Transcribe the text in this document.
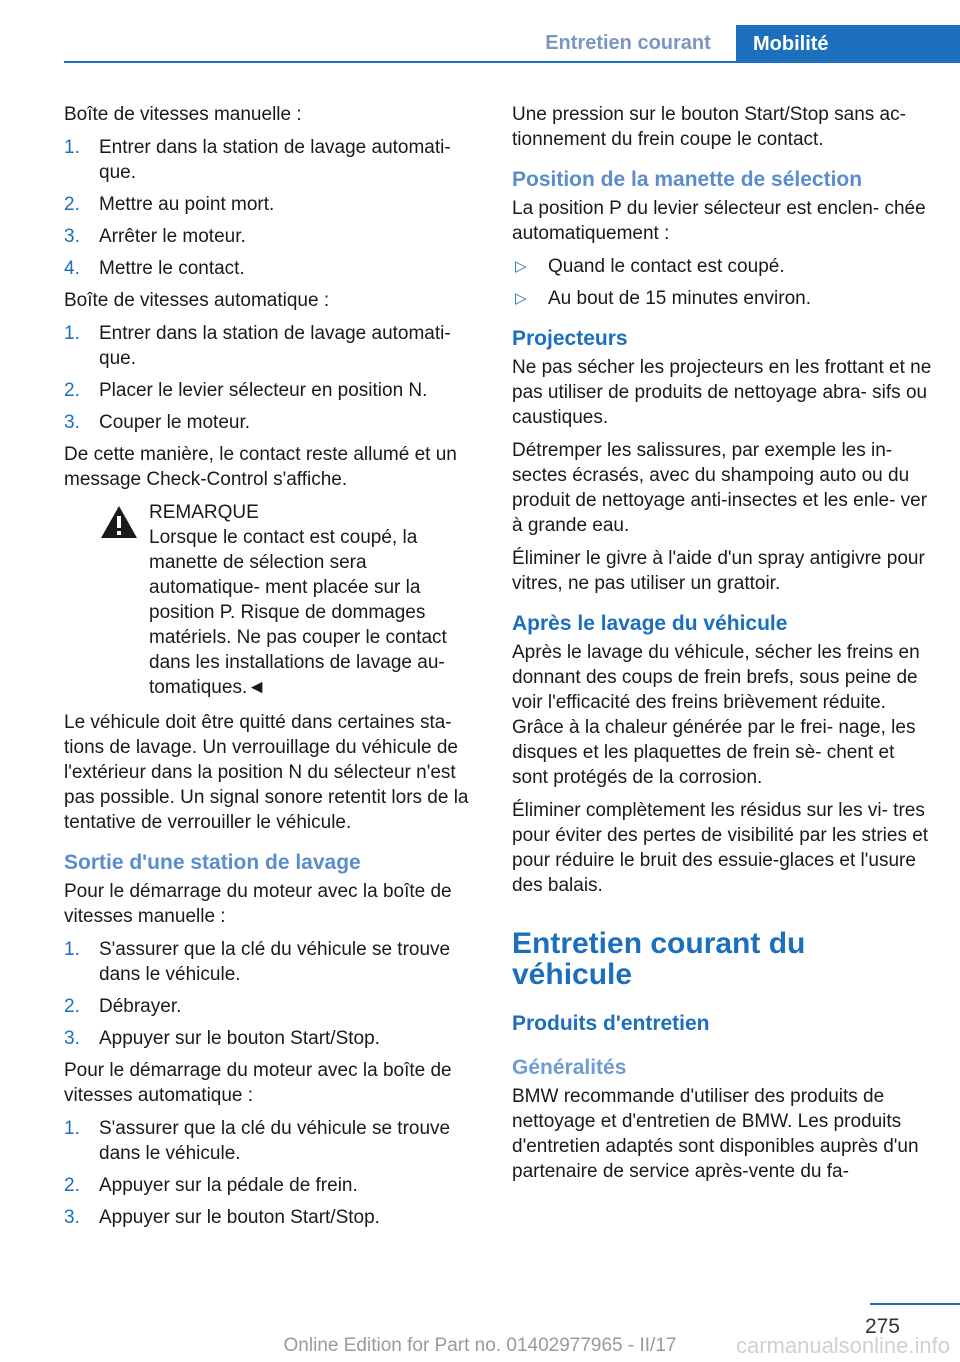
Entretien courant	Mobilité

Boîte de vitesses manuelle :

1.	Entrer dans la station de lavage automati‐ que.
2.	Mettre au point mort.
3.	Arrêter le moteur.
4.	Mettre le contact.

Boîte de vitesses automatique :

1.	Entrer dans la station de lavage automati‐ que.
2.	Placer le levier sélecteur en position N.
3.	Couper le moteur.

De cette manière, le contact reste allumé et un message Check-Control s'affiche.

REMARQUE
Lorsque le contact est coupé, la manette de sélection sera automatique‐ ment placée sur la position P. Risque de dommages matériels. Ne pas couper le contact dans les installations de lavage au‐ tomatiques.◄

Le véhicule doit être quitté dans certaines sta‐ tions de lavage. Un verrouillage du véhicule de l'extérieur dans la position N du sélecteur n'est pas possible. Un signal sonore retentit lors de la tentative de verrouiller le véhicule.

Sortie d'une station de lavage

Pour le démarrage du moteur avec la boîte de vitesses manuelle :

1.	S'assurer que la clé du véhicule se trouve dans le véhicule.
2.	Débrayer.
3.	Appuyer sur le bouton Start/Stop.

Pour le démarrage du moteur avec la boîte de vitesses automatique :

1.	S'assurer que la clé du véhicule se trouve dans le véhicule.
2.	Appuyer sur la pédale de frein.
3.	Appuyer sur le bouton Start/Stop.

Une pression sur le bouton Start/Stop sans ac‐ tionnement du frein coupe le contact.

Position de la manette de sélection

La position P du levier sélecteur est enclen‐ chée automatiquement :

▷	Quand le contact est coupé.
▷	Au bout de 15 minutes environ.
Projecteurs

Ne pas sécher les projecteurs en les frottant et ne pas utiliser de produits de nettoyage abra‐ sifs ou caustiques.

Détremper les salissures, par exemple les in‐ sectes écrasés, avec du shampoing auto ou du produit de nettoyage anti-insectes et les enle‐ ver à grande eau.

Éliminer le givre à l'aide d'un spray antigivre pour vitres, ne pas utiliser un grattoir.

Après le lavage du véhicule

Après le lavage du véhicule, sécher les freins en donnant des coups de frein brefs, sous peine de voir l'efficacité des freins brièvement réduite. Grâce à la chaleur générée par le frei‐ nage, les disques et les plaquettes de frein sè‐ chent et sont protégés de la corrosion.

Éliminer complètement les résidus sur les vi‐ tres pour éviter des pertes de visibilité par les stries et pour réduire le bruit des essuie-glaces et l'usure des balais.

Entretien courant du véhicule
Produits d'entretien
Généralités

BMW recommande d'utiliser des produits de nettoyage et d'entretien de BMW. Les produits d'entretien adaptés sont disponibles auprès d'un partenaire de service après-vente du fa‐

275
Online Edition for Part no. 01402977965 - II/17	carmanualsonline.info
